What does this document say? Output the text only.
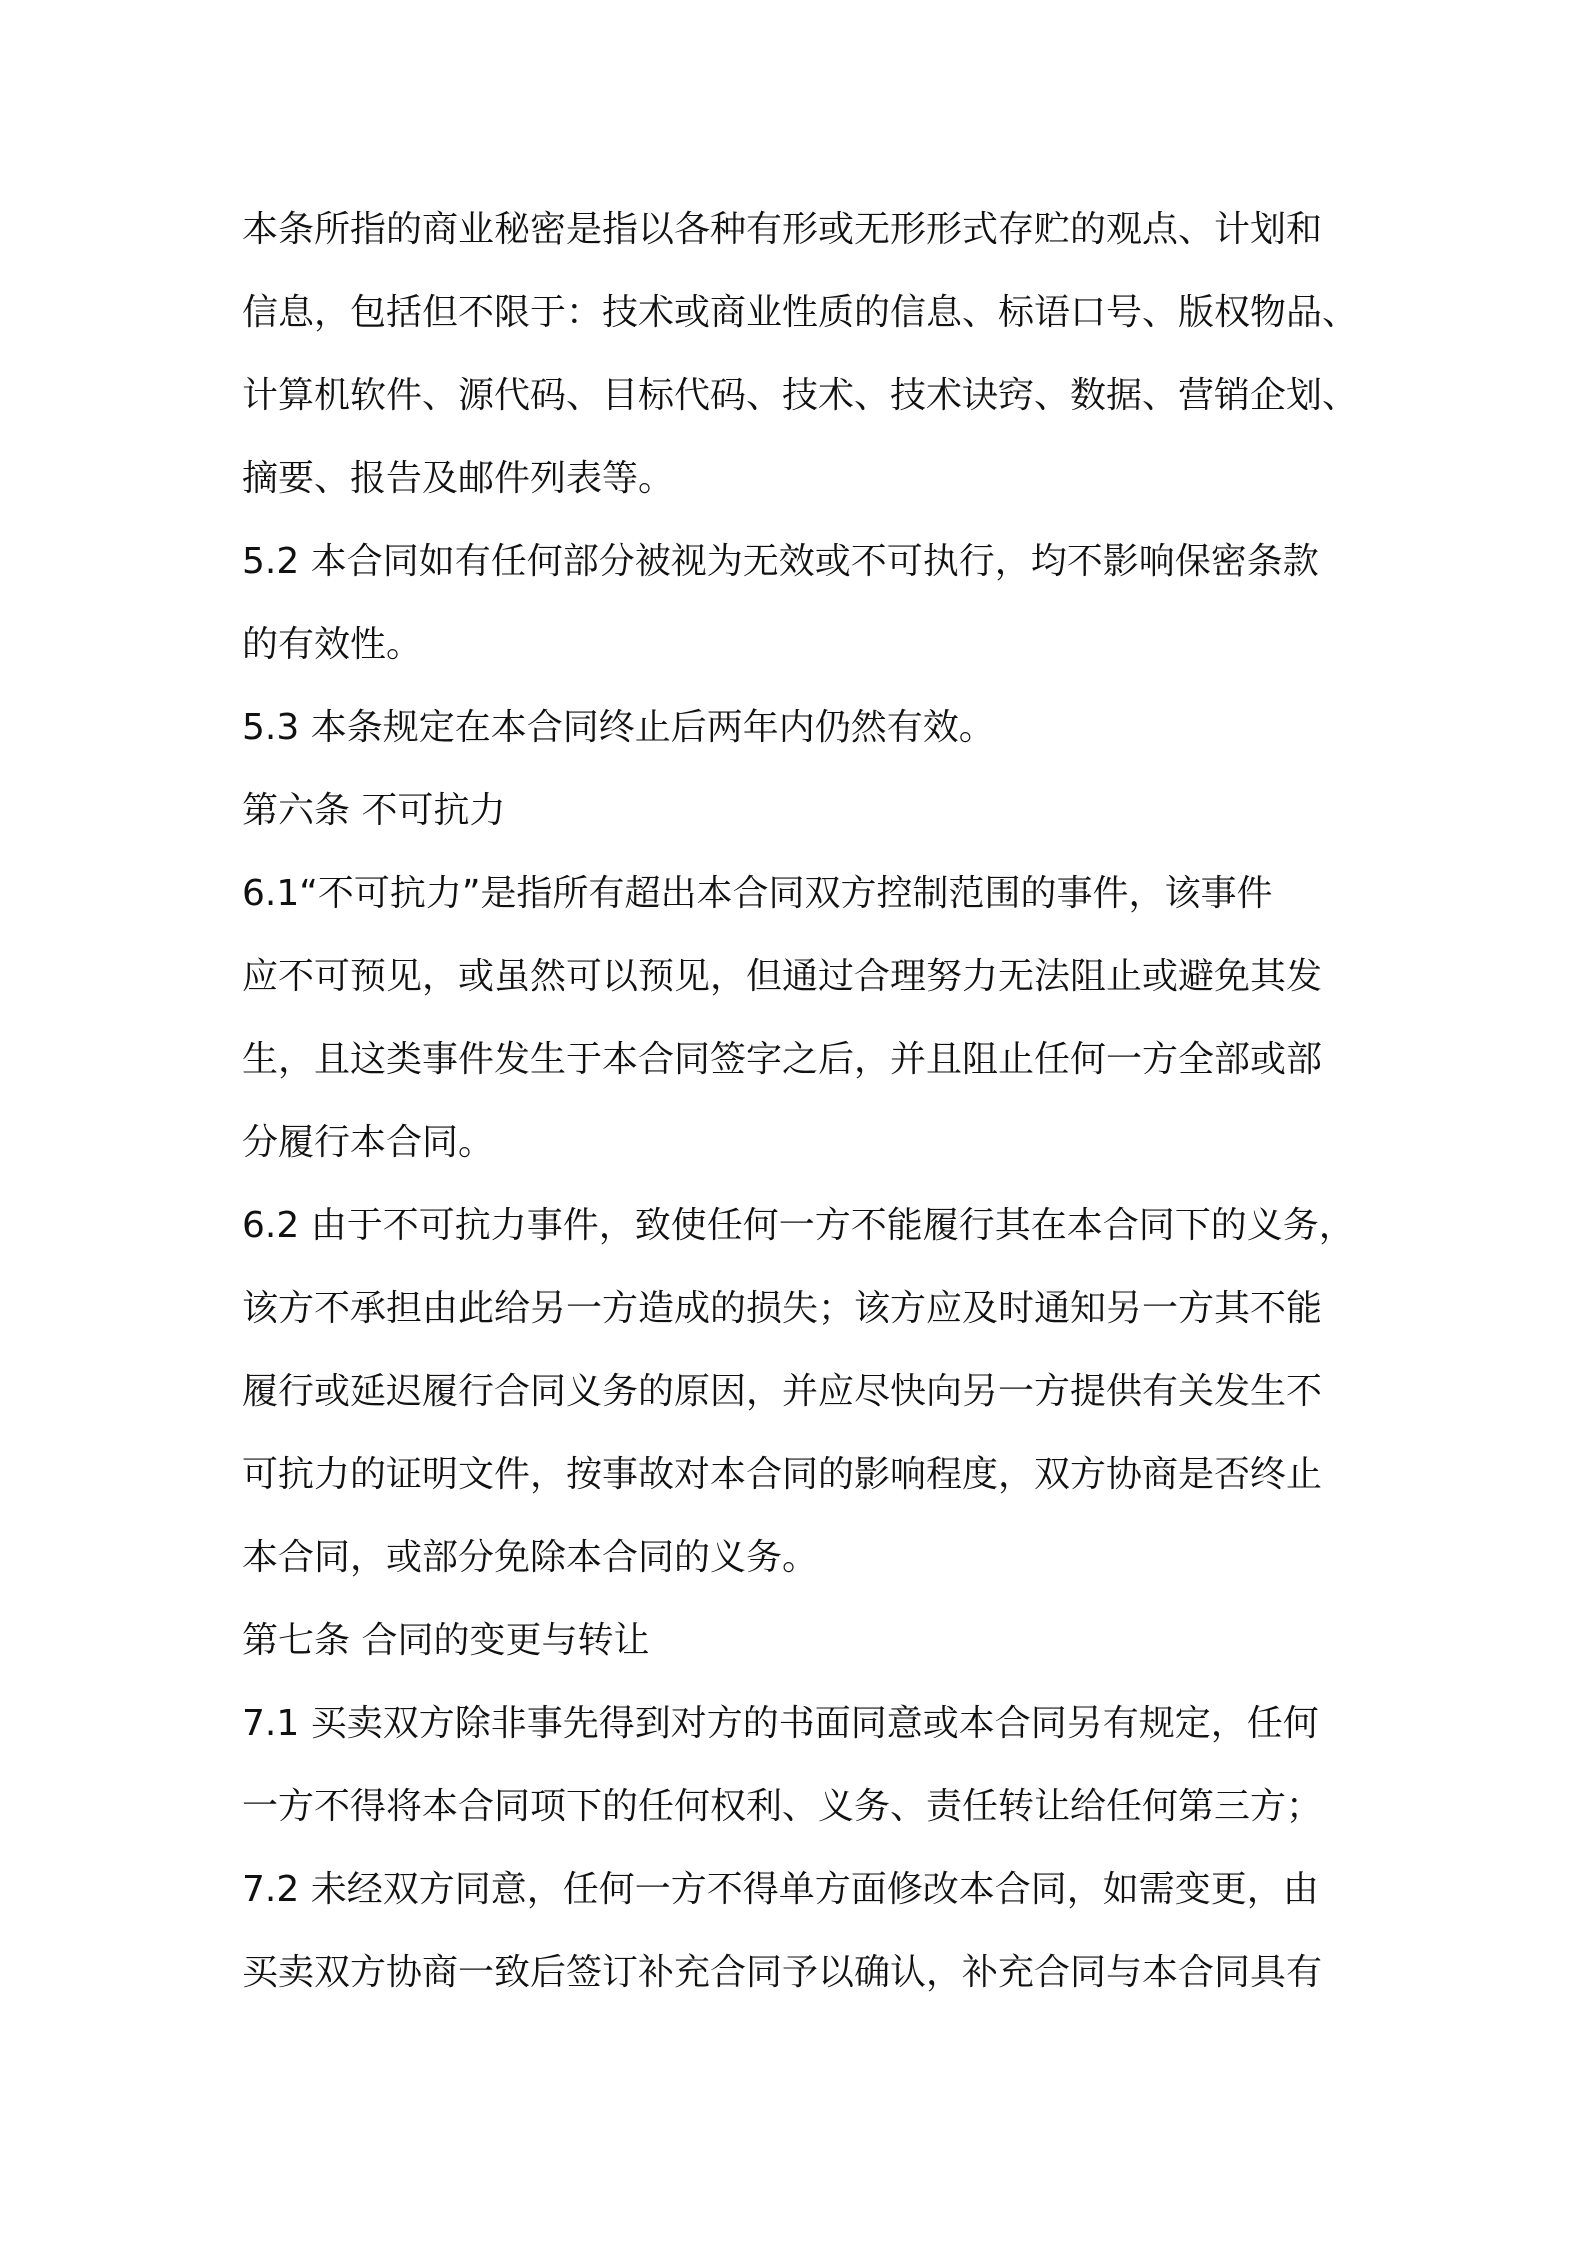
本条所指的商业秘密是指以各种有形或无形形式存贮的观点、计划和
信息，包括但不限于：技术或商业性质的信息、标语口号、版权物品、
计算机软件、源代码、目标代码、技术、技术诀窍、数据、营销企划、
摘要、报告及邮件列表等。
5.2 本合同如有任何部分被视为无效或不可执行，均不影响保密条款
的有效性。
5.3 本条规定在本合同终止后两年内仍然有效。
第六条 不可抗力
6.1“不可抗力”是指所有超出本合同双方控制范围的事件，该事件
应不可预见，或虽然可以预见，但通过合理努力无法阻止或避免其发
生，且这类事件发生于本合同签字之后，并且阻止任何一方全部或部
分履行本合同。
6.2 由于不可抗力事件，致使任何一方不能履行其在本合同下的义务，
该方不承担由此给另一方造成的损失；该方应及时通知另一方其不能
履行或延迟履行合同义务的原因，并应尽快向另一方提供有关发生不
可抗力的证明文件，按事故对本合同的影响程度，双方协商是否终止
本合同，或部分免除本合同的义务。
第七条 合同的变更与转让
7.1 买卖双方除非事先得到对方的书面同意或本合同另有规定，任何
一方不得将本合同项下的任何权利、义务、责任转让给任何第三方；
7.2 未经双方同意，任何一方不得单方面修改本合同，如需变更，由
买卖双方协商一致后签订补充合同予以确认，补充合同与本合同具有
